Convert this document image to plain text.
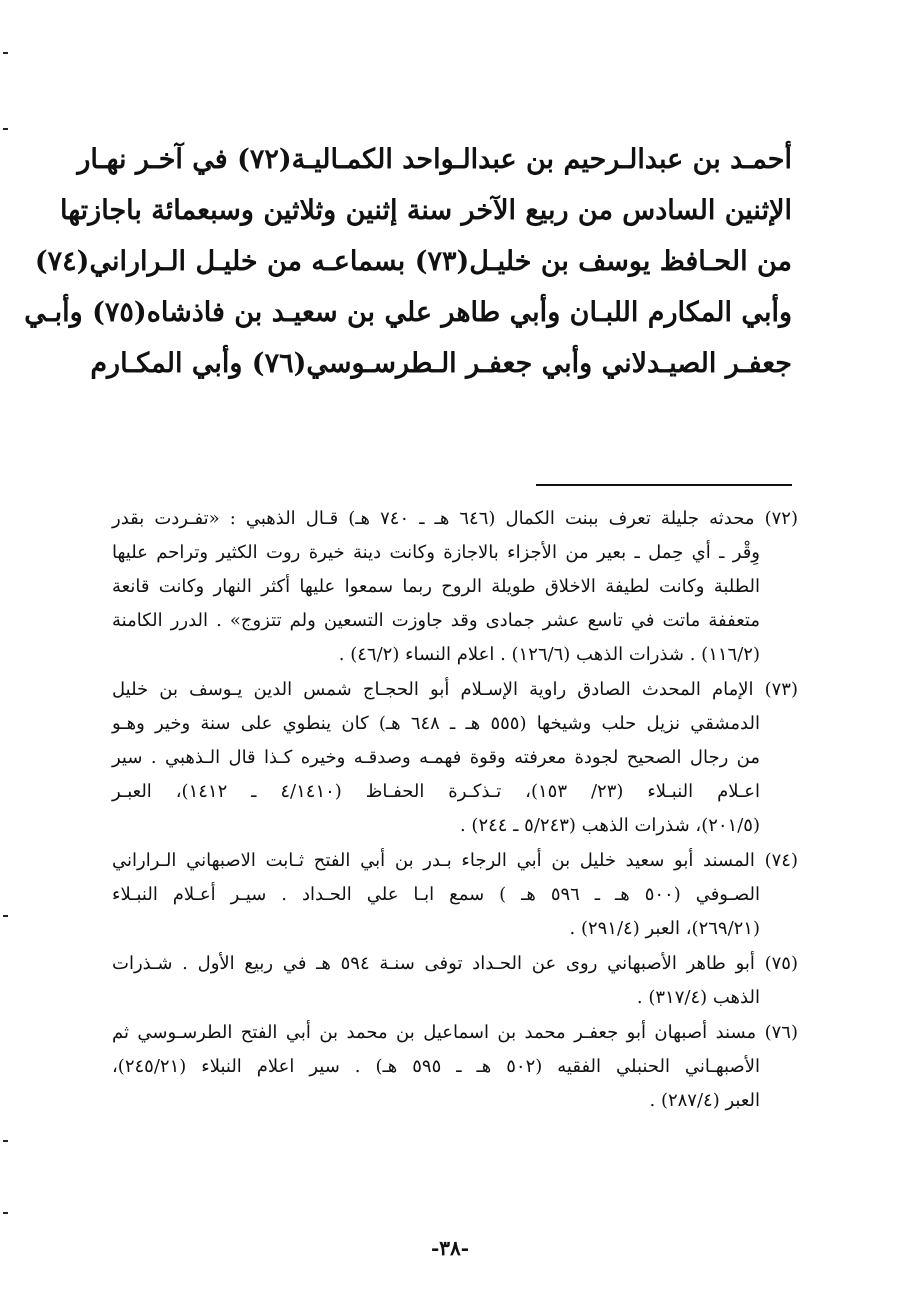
أحمـد بن عبدالـرحيم بن عبدالـواحد الكمـاليـة(٧٢) في آخـر نهـار
الإثنين السادس من ربيع الآخر سنة إثنين وثلاثين وسبعمائة باجازتها
من الحـافظ يوسف بن خليـل(٧٣) بسماعـه من خليـل الـراراني(٧٤)
وأبي المكارم اللبـان وأبي طاهر علي بن سعيـد بن فاذشاه(٧٥) وأبـي
جعفـر الصيـدلاني وأبي جعفـر الـطرسـوسي(٧٦) وأبي المكـارم
(٧٢) محدثه جليلة تعرف ببنت الكمال (٦٤٦ هـ ـ ٧٤٠ هـ) قـال الذهبي : «تفـردت بقدر
وِقْر ـ أي حِمل ـ بعير من الأجزاء بالاجازة وكانت دينة خيرة روت الكثير وتراحم عليها
الطلبة وكانت لطيفة الاخلاق طويلة الروح ربما سمعوا عليها أكثر النهار وكانت قانعة
متعففة ماتت في تاسع عشر جمادى وقد جاوزت التسعين ولم تتزوج» . الدرر الكامنة
(١١٦/٢) . شذرات الذهب (١٢٦/٦) . اعلام النساء (٤٦/٢) .
(٧٣) الإمام المحدث الصادق راوية الإسـلام أبو الحجـاج شمس الدين يـوسف بن خليل
الدمشقي نزيل حلب وشيخها (٥٥٥ هـ ـ ٦٤٨ هـ) كان ينطوي على سنة وخير وهـو
من رجال الصحيح لجودة معرفته وقوة فهمـه وصدقـه وخيره كـذا قال الـذهبي . سير
اعـلام النبـلاء (٢٣/ ١٥٣)، تـذكـرة الحفـاظ (٤/١٤١٠ ـ ١٤١٢)، العبـر
(٢٠١/٥)، شذرات الذهب (٥/٢٤٣ ـ ٢٤٤) .
(٧٤) المسند أبو سعيد خليل بن أبي الرجاء بـدر بن أبي الفتح ثـابت الاصبهاني الـراراني
الصـوفي (٥٠٠ هـ ـ ٥٩٦ هـ ) سمع ابـا علي الحـداد . سيـر أعـلام النبـلاء
(٢٦٩/٢١)، العبر (٢٩١/٤) .
(٧٥) أبو طاهر الأصبهاني روى عن الحـداد توفى سنـة ٥٩٤ هـ في ربيع الأول . شـذرات
الذهب (٣١٧/٤) .
(٧٦) مسند أصبهان أبو جعفـر محمد بن اسماعيل بن محمد بن أبي الفتح الطرسـوسي ثم
الأصبهـاني الحنبلي الفقيه (٥٠٢ هـ ـ ٥٩٥ هـ) . سير اعلام النبلاء (٢٤٥/٢١)،
العبر (٢٨٧/٤) .
-٣٨-
